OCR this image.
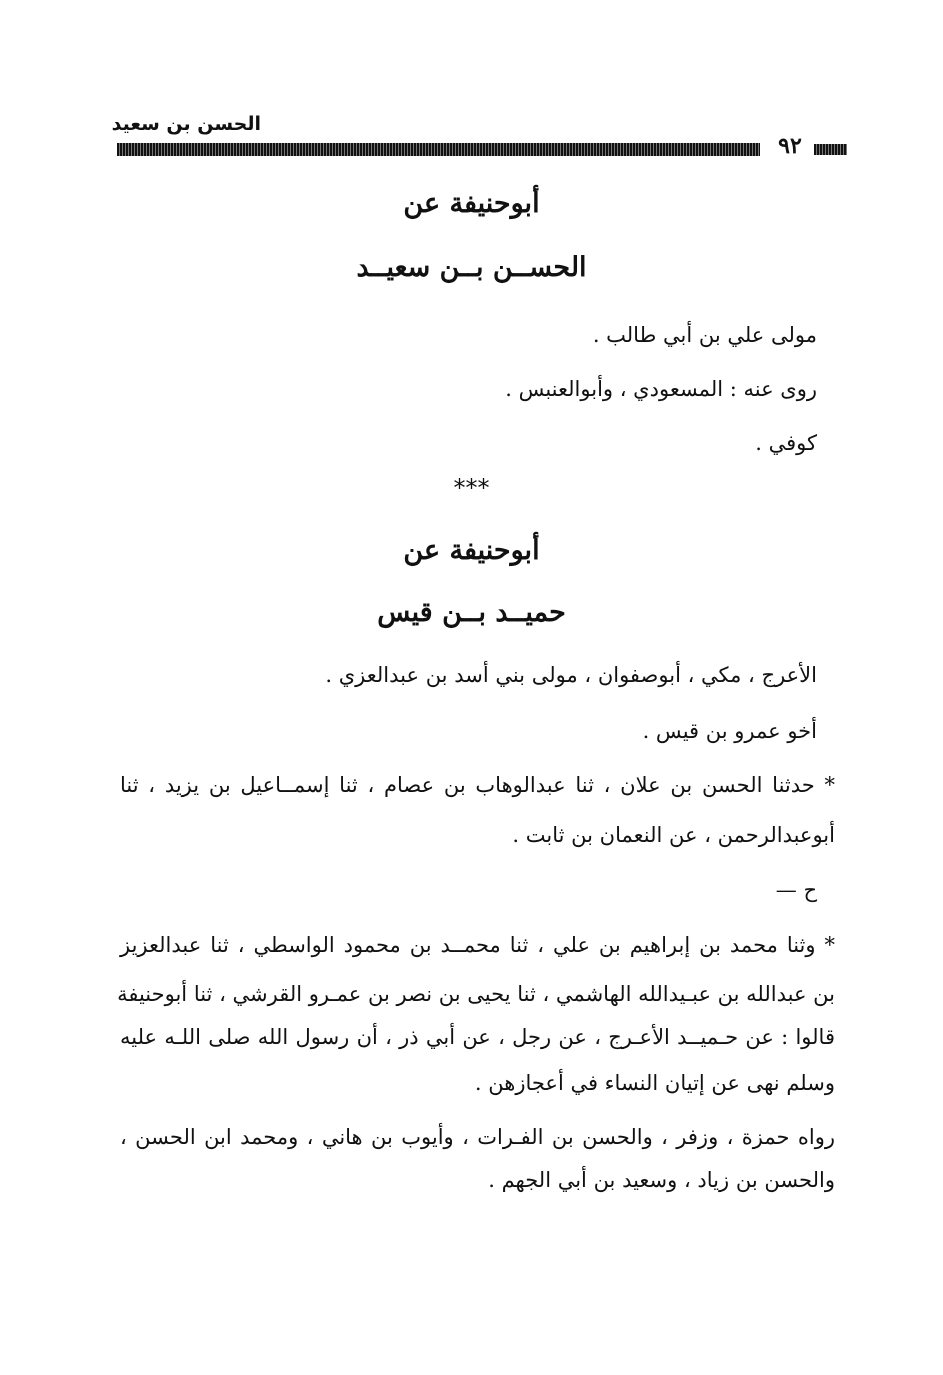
الحسن بن سعيد
٩٢
أبوحنيفة عن
الحســن بــن سعيــد
مولى علي بن أبي طالب .
روى عنه : المسعودي ، وأبوالعنبس .
كوفي .
***
أبوحنيفة عن
حميــد بــن قيس
الأعرج ، مكي ، أبوصفوان ، مولى بني أسد بن عبدالعزي .
أخو عمرو بن قيس .
* حدثنا الحسن بن علان ، ثنا عبدالوهاب بن عصام ، ثنا إسمــاعيل بن يزيد ، ثنا
أبوعبدالرحمن ، عن النعمان بن ثابت .
ح —
* وثنا محمد بن إبراهيم بن علي ، ثنا محمــد بن محمود الواسطي ، ثنا عبدالعزيز
بن عبدالله بن عبـيدالله الهاشمي ، ثنا يحيى بن نصر بن عمـرو القرشي ، ثنا أبوحنيفة
قالوا : عن حـميــد الأعـرج ، عن رجل ، عن أبي ذر ، أن رسول الله صلى اللـه عليه
وسلم نهى عن إتيان النساء في أعجازهن .
رواه حمزة ، وزفر ، والحسن بن الفـرات ، وأيوب بن هاني ، ومحمد ابن الحسن ،
والحسن بن زياد ، وسعيد بن أبي الجهم .
